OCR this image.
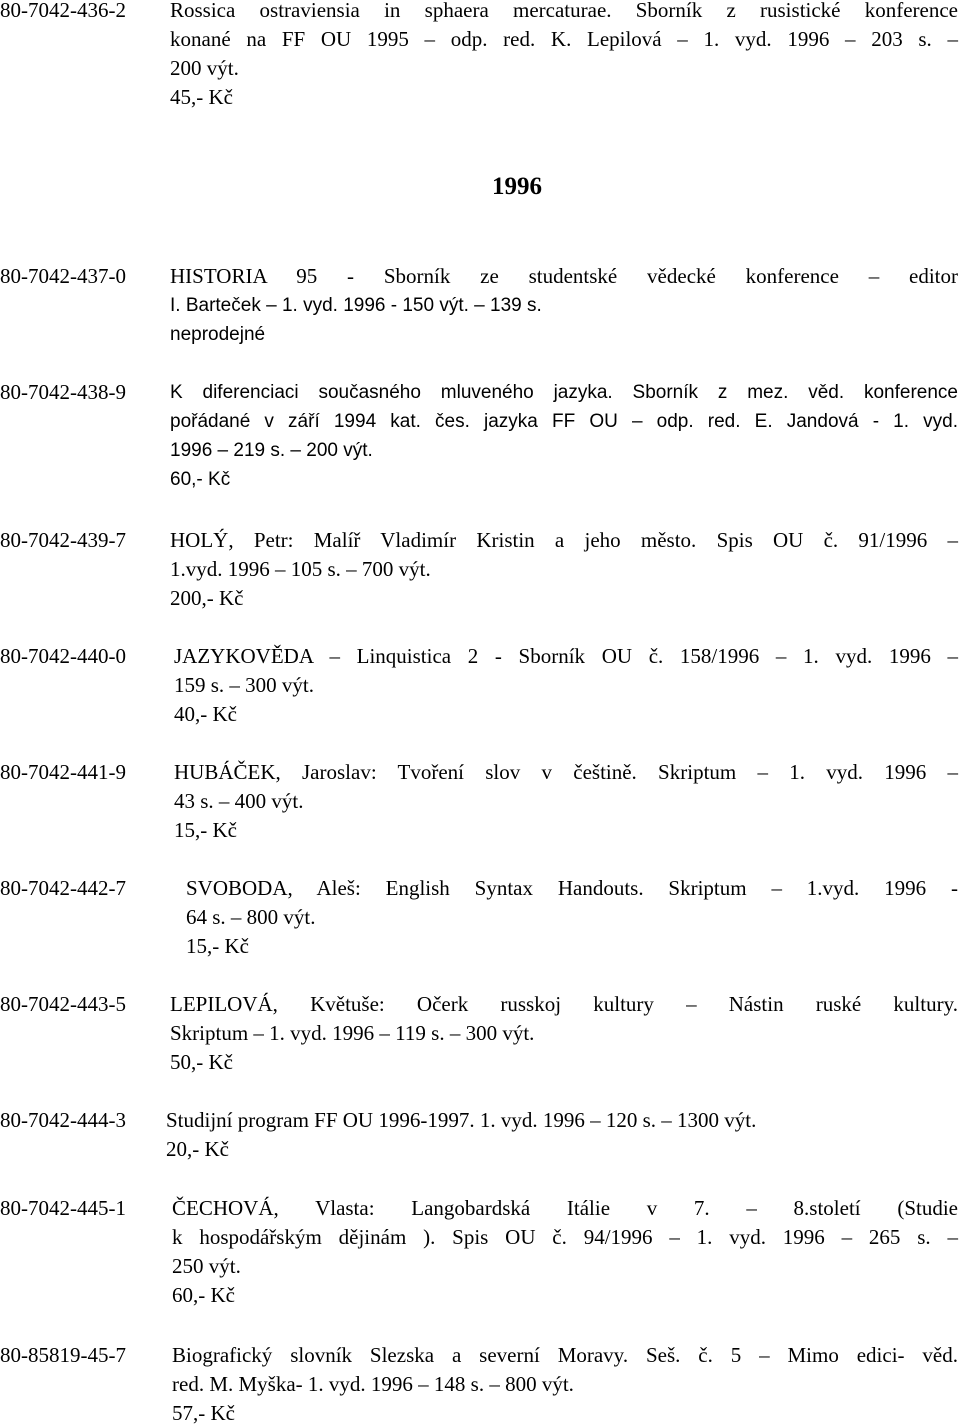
80-7042-436-2 Rossica ostraviensia in sphaera mercaturae. Sborník z rusistické konference
konané na FF OU 1995 – odp. red. K. Lepilová – 1. vyd. 1996 – 203 s. –
200 výt.
45,- Kč
1996
80-7042-437-0 HISTORIA 95 - Sborník ze studentské vědecké konference – editor
I. Bartеček – 1. vyd. 1996 - 150 výt. – 139 s.
neprodejné
80-7042-438-9 K diferenciaci současného mluveného jazyka. Sborník z mez. věd. konference
pořádané v září 1994 kat. čes. jazyka FF OU – odp. red. E. Jandová - 1. vyd.
1996 – 219 s. – 200 výt.
60,- Kč
80-7042-439-7 HOLÝ, Petr: Malíř Vladimír Kristin a jeho město. Spis OU č. 91/1996 –
1.vyd. 1996 – 105 s. – 700 výt.
200,- Kč
80-7042-440-0 JAZYKOVĚDA – Linquistica 2 - Sborník OU č. 158/1996 – 1. vyd. 1996 –
159 s. – 300 výt.
40,- Kč
80-7042-441-9 HUBÁČEK, Jaroslav: Tvoření slov v češtině. Skriptum – 1. vyd. 1996 –
43 s. – 400 výt.
15,- Kč
80-7042-442-7	SVOBODA, Aleš: English Syntax Handouts. Skriptum – 1.vyd. 1996 -
64 s. – 800 výt.
15,- Kč
80-7042-443-5 LEPILOVÁ, Květuše: Očerk russkoj kultury – Nástin ruské kultury.
Skriptum – 1. vyd. 1996 – 119 s. – 300 výt.
50,- Kč
80-7042-444-3 Studijní program FF OU 1996-1997. 1. vyd. 1996 – 120 s. – 1300 výt.
20,- Kč
80-7042-445-1 ČECHOVÁ, Vlasta: Langobardská Itálie v 7. – 8.století (Studie
k hospodářským dějinám ). Spis OU č. 94/1996 – 1. vyd. 1996 – 265 s. –
250 výt.
60,- Kč
80-85819-45-7 Biografický slovník Slezska a severní Moravy. Seš. č. 5 – Mimo edici- věd.
red. M. Myška- 1. vyd. 1996 – 148 s. – 800 výt.
57,- Kč
